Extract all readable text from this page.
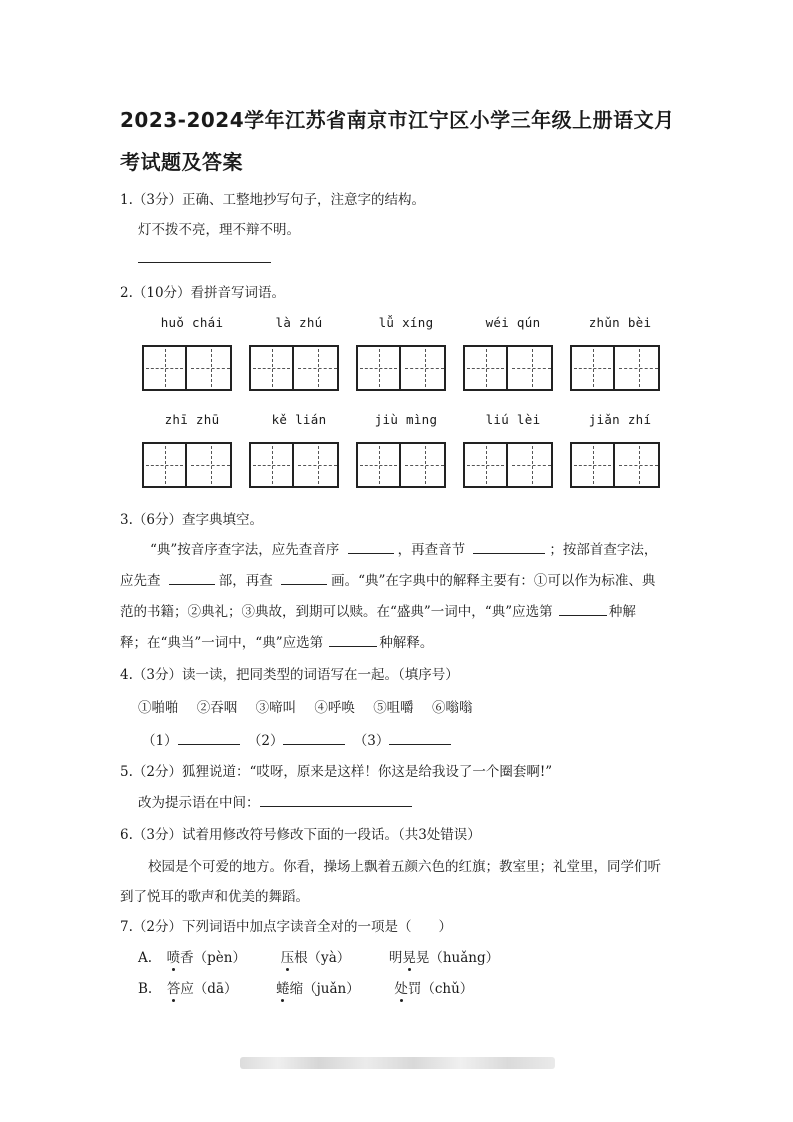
2023-2024学年江苏省南京市江宁区小学三年级上册语文月
考试题及答案
1.（3分）正确、工整地抄写句子，注意字的结构。
灯不拨不亮，理不辩不明。
2.（10分）看拼音写词语。
huǒ chái	là zhú	lǚ xíng	wéi qún	zhǔn bèi
zhī zhū	kě lián	jiù mìng	liú lèi	jiǎn zhí
3.（6分）查字典填空。
“典”按音序查字法，应先查音序	，再查音节	；按部首查字法，
应先查	部，再查	画。“典”在字典中的解释主要有：①可以作为标准、典
范的书籍；②典礼；③典故，到期可以赎。在“盛典”一词中，“典”应选第	种解
释；在“典当”一词中，“典”应选第	种解释。
4.（3分）读一读，把同类型的词语写在一起。（填序号）
①啪啪 ②吞咽 ③啼叫 ④呼唤 ⑤咀嚼 ⑥嗡嗡
（1）	（2）	（3）
5.（2分）狐狸说道：“哎呀，原来是这样！你这是给我设了一个圈套啊!”
改为提示语在中间：
6.（3分）试着用修改符号修改下面的一段话。（共3处错误）
校园是个可爱的地方。你看，操场上飘着五颜六色的红旗；教室里；礼堂里，同学们听
到了悦耳的歌声和优美的舞蹈。
7.（2分）下列词语中加点字读音全对的一项是（　　）
A. 喷香（pèn）	压根（yà）	明晃晃（huǎng）
B. 答应（dā）	蜷缩（juǎn）	处罚（chǔ）
